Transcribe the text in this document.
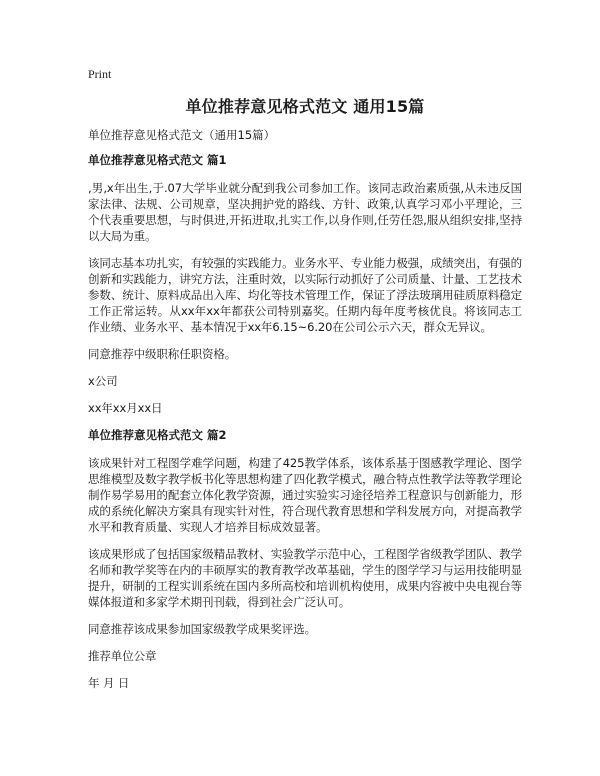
Print
单位推荐意见格式范文 通用15篇
单位推荐意见格式范文（通用15篇）
单位推荐意见格式范文 篇1

,男,x年出生,于.07大学毕业就分配到我公司参加工作。该同志政治素质强,从未违反国家法律、法规、公司规章，坚决拥护党的路线、方针、政策,认真学习邓小平理论，三个代表重要思想，与时俱进,开拓进取,扎实工作,以身作则,任劳任怨,服从组织安排,坚持以大局为重。

该同志基本功扎实，有较强的实践能力。业务水平、专业能力极强，成绩突出，有强的创新和实践能力，讲究方法，注重时效，以实际行动抓好了公司质量、计量、工艺技术参数、统计、原料成品出入库、均化等技术管理工作，保证了浮法玻璃用硅质原料稳定工作正常运转。从xx年xx年都获公司特别嘉奖。任期内每年度考核优良。将该同志工作业绩、业务水平、基本情况于xx年6.15~6.20在公司公示六天，群众无异议。

同意推荐中级职称任职资格。

x公司

xx年xx月xx日

单位推荐意见格式范文 篇2

该成果针对工程图学难学问题，构建了425教学体系，该体系基于图感教学理论、图学思维模型及数字教学板书化等思想构建了四化教学模式，融合特点性教学法等教学理论制作易学易用的配套立体化教学资源，通过实验实习途径培养工程意识与创新能力，形成的系统化解决方案具有现实针对性，符合现代教育思想和学科发展方向，对提高教学水平和教育质量、实现人才培养目标成效显著。

该成果形成了包括国家级精品教材、实验教学示范中心，工程图学省级教学团队、教学名师和教学奖等在内的丰硕厚实的教育教学改革基础，学生的图学学习与运用技能明显提升，研制的工程实训系统在国内多所高校和培训机构使用，成果内容被中央电视台等媒体报道和多家学术期刊刊载，得到社会广泛认可。

同意推荐该成果参加国家级教学成果奖评选。

推荐单位公章

年 月 日
